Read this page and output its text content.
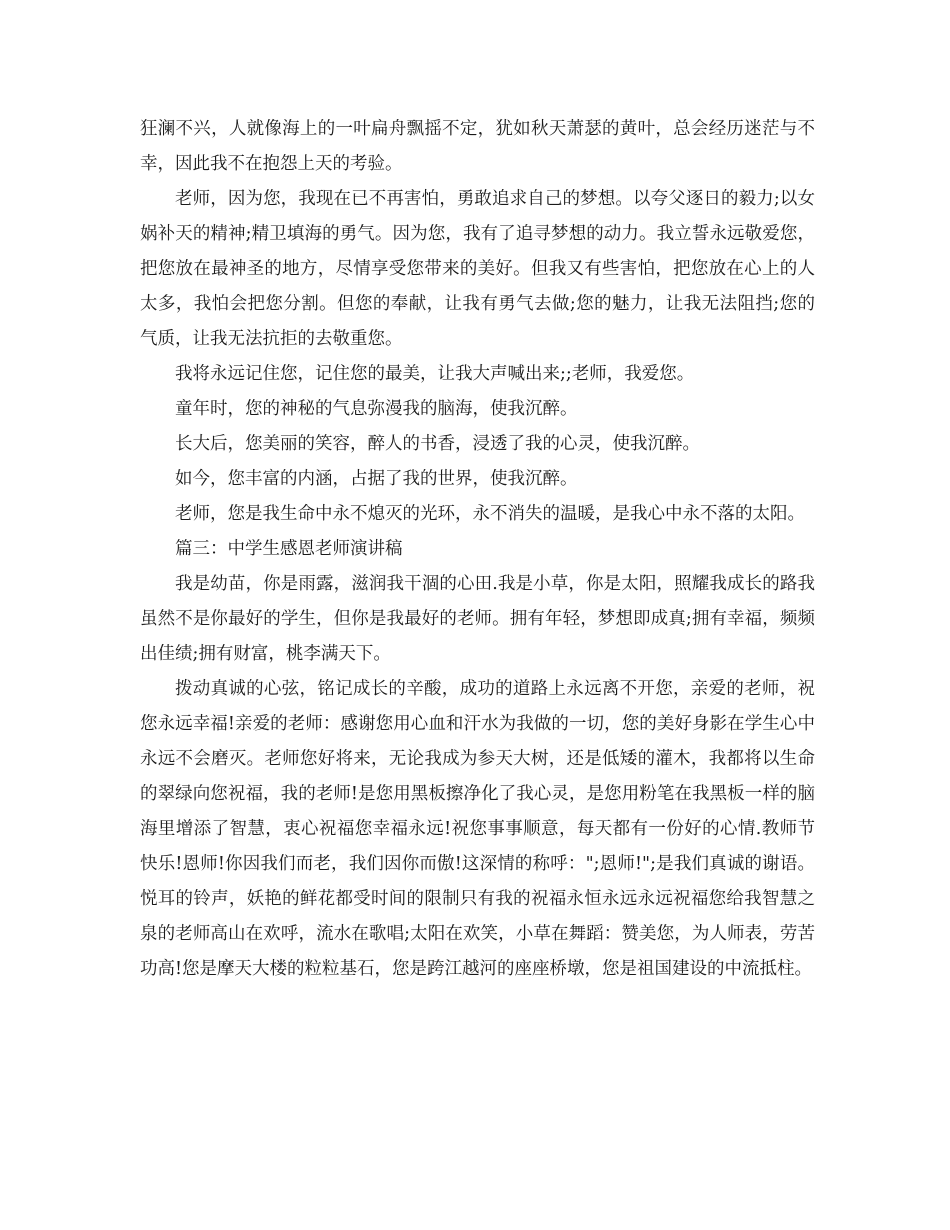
狂澜不兴，人就像海上的一叶扁舟飘摇不定，犹如秋天萧瑟的黄叶，总会经历迷茫与不幸，因此我不在抱怨上天的考验。

老师，因为您，我现在已不再害怕，勇敢追求自己的梦想。以夸父逐日的毅力;以女娲补天的精神;精卫填海的勇气。因为您，我有了追寻梦想的动力。我立誓永远敬爱您，把您放在最神圣的地方，尽情享受您带来的美好。但我又有些害怕，把您放在心上的人太多，我怕会把您分割。但您的奉献，让我有勇气去做;您的魅力，让我无法阻挡;您的气质，让我无法抗拒的去敬重您。

我将永远记住您，记住您的最美，让我大声喊出来;;老师，我爱您。

童年时，您的神秘的气息弥漫我的脑海，使我沉醉。

长大后，您美丽的笑容，醉人的书香，浸透了我的心灵，使我沉醉。

如今，您丰富的内涵，占据了我的世界，使我沉醉。

老师，您是我生命中永不熄灭的光环，永不消失的温暖，是我心中永不落的太阳。

篇三：中学生感恩老师演讲稿

我是幼苗，你是雨露，滋润我干涸的心田.我是小草，你是太阳，照耀我成长的路我虽然不是你最好的学生，但你是我最好的老师。拥有年轻，梦想即成真;拥有幸福，频频出佳绩;拥有财富，桃李满天下。

拨动真诚的心弦，铭记成长的辛酸，成功的道路上永远离不开您，亲爱的老师，祝您永远幸福!亲爱的老师：感谢您用心血和汗水为我做的一切，您的美好身影在学生心中永远不会磨灭。老师您好将来，无论我成为参天大树，还是低矮的灌木，我都将以生命的翠绿向您祝福，我的老师!是您用黑板擦净化了我心灵，是您用粉笔在我黑板一样的脑海里增添了智慧，衷心祝福您幸福永远!祝您事事顺意，每天都有一份好的心情.教师节快乐!恩师!你因我们而老，我们因你而傲!这深情的称呼：";恩师!";是我们真诚的谢语。悦耳的铃声，妖艳的鲜花都受时间的限制只有我的祝福永恒永远永远祝福您给我智慧之泉的老师高山在欢呼，流水在歌唱;太阳在欢笑，小草在舞蹈：赞美您，为人师表，劳苦功高!您是摩天大楼的粒粒基石，您是跨江越河的座座桥墩，您是祖国建设的中流抵柱。
